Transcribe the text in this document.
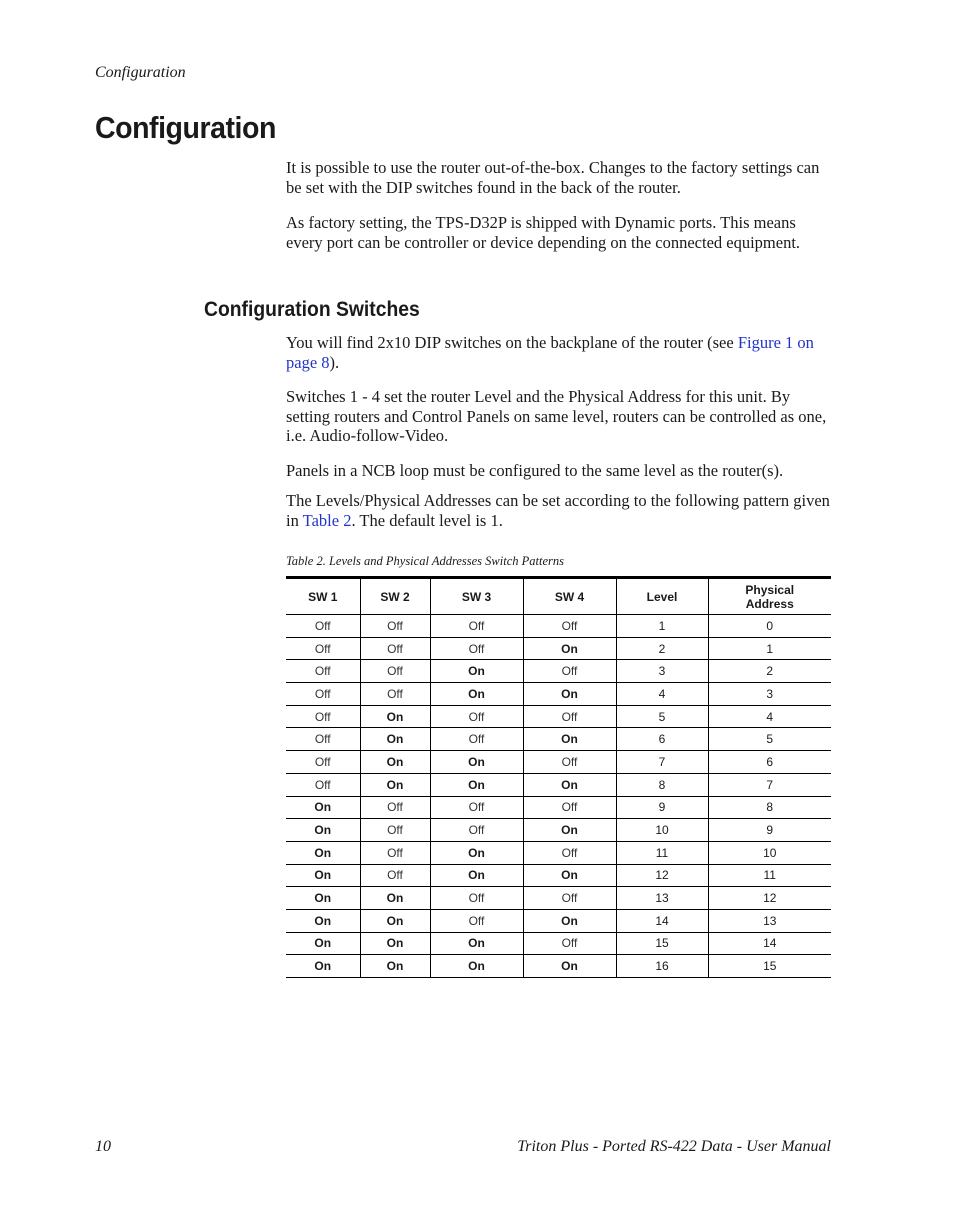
Configuration
Configuration

It is possible to use the router out-of-the-box. Changes to the factory settings can be set with the DIP switches found in the back of the router.

As factory setting, the TPS-D32P is shipped with Dynamic ports. This means every port can be controller or device depending on the connected equipment.

Configuration Switches

You will find 2x10 DIP switches on the backplane of the router (see Figure 1 on page 8).

Switches 1 - 4 set the router Level and the Physical Address for this unit. By setting routers and Control Panels on same level, routers can be controlled as one, i.e. Audio-follow-Video.

Panels in a NCB loop must be configured to the same level as the router(s).

The Levels/Physical Addresses can be set according to the following pattern given in Table 2. The default level is 1.

Table 2. Levels and Physical Addresses Switch Patterns
SW 1	SW 2	SW 3	SW 4	Level	Physical Address
Off	Off	Off	Off	1	0
Off	Off	Off	On	2	1
Off	Off	On	Off	3	2
Off	Off	On	On	4	3
Off	On	Off	Off	5	4
Off	On	Off	On	6	5
Off	On	On	Off	7	6
Off	On	On	On	8	7
On	Off	Off	Off	9	8
On	Off	Off	On	10	9
On	Off	On	Off	11	10
On	Off	On	On	12	11
On	On	Off	Off	13	12
On	On	Off	On	14	13
On	On	On	Off	15	14
On	On	On	On	16	15
10	Triton Plus - Ported RS-422 Data - User Manual
